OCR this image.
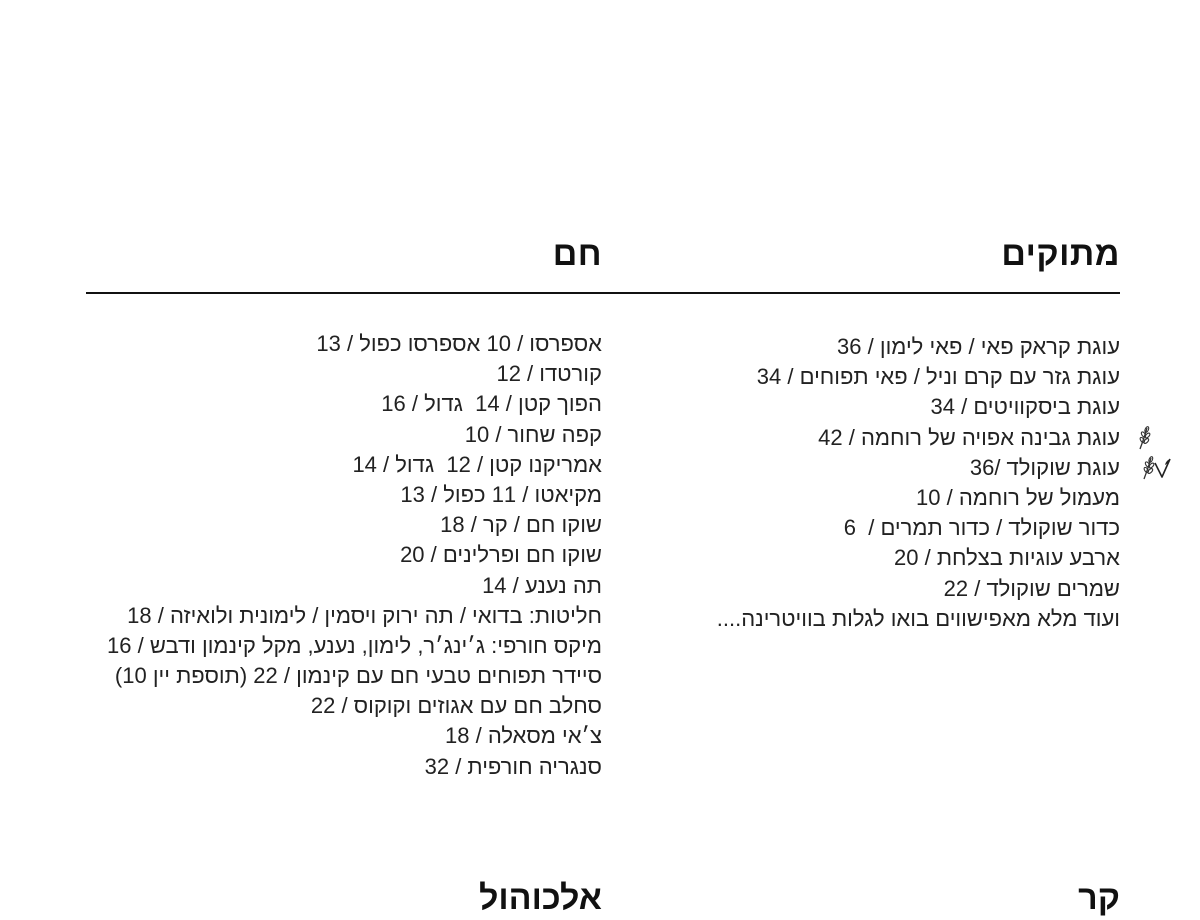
מתוקים
חם
עוגת קראק פאי / פאי לימון / 36
עוגת גזר עם קרם וניל / פאי תפוחים / 34
עוגת ביסקוויטים / 34
עוגת גבינה אפויה של רוחמה / 42
עוגת שוקולד /36
מעמול של רוחמה / 10
כדור שוקולד / כדור תמרים /  6
ארבע עוגיות בצלחת / 20
שמרים שוקולד / 22
ועוד מלא מאפישווים בואו לגלות בוויטרינה....
אספרסו / 10 אספרסו כפול / 13
קורטדו / 12
הפוך קטן / 14  גדול / 16
קפה שחור / 10
אמריקנו קטן / 12  גדול / 14
מקיאטו / 11 כפול / 13
שוקו חם / קר / 18
שוקו חם ופרלינים / 20
תה נענע / 14
חליטות: בדואי / תה ירוק ויסמין / לימונית ולואיזה / 18
מיקס חורפי: ג׳ינג׳ר, לימון, נענע, מקל קינמון ודבש / 16
סיידר תפוחים טבעי חם עם קינמון / 22 (תוספת יין 10)
סחלב חם עם אגוזים וקוקוס / 22
צ׳אי מסאלה / 18
סנגריה חורפית / 32
קר
אלכוהול
